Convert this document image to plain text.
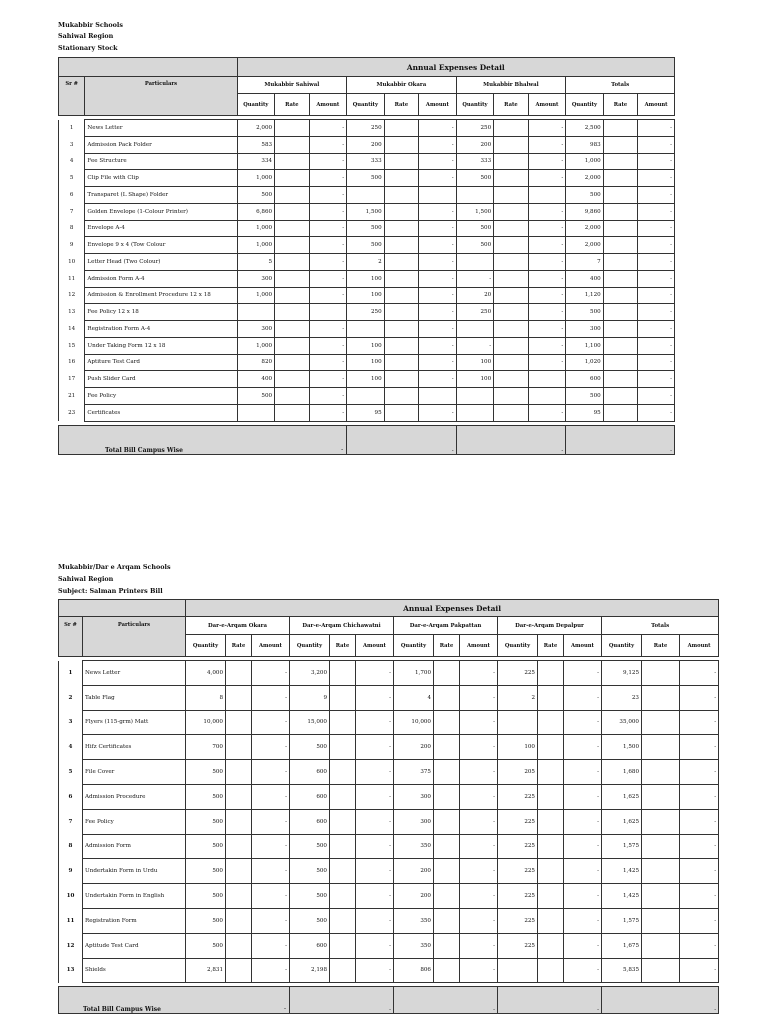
Mukabbir Schools
Sahiwal Region
Stationary Stock
		Annual Expenses Detail											
Sr #	Particulars	Mukabbir Sahiwal			Mukabbir Okara			Mukabbir Bhalwal			Totals		
		Quantity	Rate	Amount	Quantity	Rate	Amount	Quantity	Rate	Amount	Quantity	Rate	Amount

1	News Letter	2,000		-	250		-	250		-	2,500		-
3	Admission Pack Folder	583		-	200		-	200		-	983		-
4	Fee Structure	334		-	333		-	333		-	1,000		-
5	Clip File with Clip	1,000		-	500		-	500		-	2,000		-
6	Transparet (L Shape) Folder	500		-							500		-
7	Golden Envelope (1-Colour Printer)	6,860		-	1,500		-	1,500		-	9,860		-
8	Envelope A-4	1,000		-	500		-	500		-	2,000		-
9	Envelope 9 x 4 (Tow Colour	1,000		-	500		-	500		-	2,000		-
10	Letter Head (Two Colour)	5		-	2		-			-	7		-
11	Admission Form A-4	300		-	100		-	-		-	400		-
12	Admission & Enrollment Procedure 12 x 18	1,000		-	100		-	20		-	1,120		-
13	Fee Policy 12 x 18				250		-	250		-	500		-
14	Registration Form A-4	300		-			-			-	300		-
15	Under Taking Form 12 x 18	1,000		-	100		-	-		-	1,100		-
16	Aptiture Test Card	820		-	100		-	100		-	1,020		-
17	Push Slider Card	400		-	100		-	100			600		-
21	Fee Policy	500		-							500		-
23	Certificates			-	95		-			-	95		-

Total Bill Campus Wise -					-			-			-		
Mukabbir/Dar e Arqam Schools
Sahiwal Region
Subject: Salman Printers Bill
		Annual Expenses Detail														
Sr #	Particulars	Dar-e-Arqam Okara			Dar-e-Arqam Chichawatni			Dar-e-Arqam Pakpattan			Dar-e-Arqam Depalpur			Totals		
		Quantity	Rate	Amount	Quantity	Rate	Amount	Quantity	Rate	Amount	Quantity	Rate	Amount	Quantity	Rate	Amount

1	News Letter	4,000		-	3,200		-	1,700		-	225		-	9,125		-
2	Table Flag	8		-	9		-	4		-	2		-	23		-
3	Flyers (115-grm) Matt	10,000		-	15,000		-	10,000		-			-	35,000		-
4	Hifz Certificates	700		-	500		-	200		-	100		-	1,500		-
5	File Cover	500		-	600		-	375		-	205		-	1,680		-
6	Admission Procedure	500		-	600		-	300		-	225		-	1,625		-
7	Fee Policy	500		-	600		-	300		-	225		-	1,625		-
8	Admission Form	500		-	500		-	350		-	225		-	1,575		-
9	Undertakin Form in Urdu	500		-	500		-	200		-	225		-	1,425		-
10	Undertakin Form in English	500		-	500		-	200		-	225		-	1,425		-
11	Registration Form	500		-	500		-	350		-	225		-	1,575		-
12	Aptitude Test Card	500		-	600		-	350		-	225		-	1,675		-
13	Shields	2,831		-	2,198		-	806		-			-	5,835		-

Total Bill Campus Wise -					-			-			-			-		
